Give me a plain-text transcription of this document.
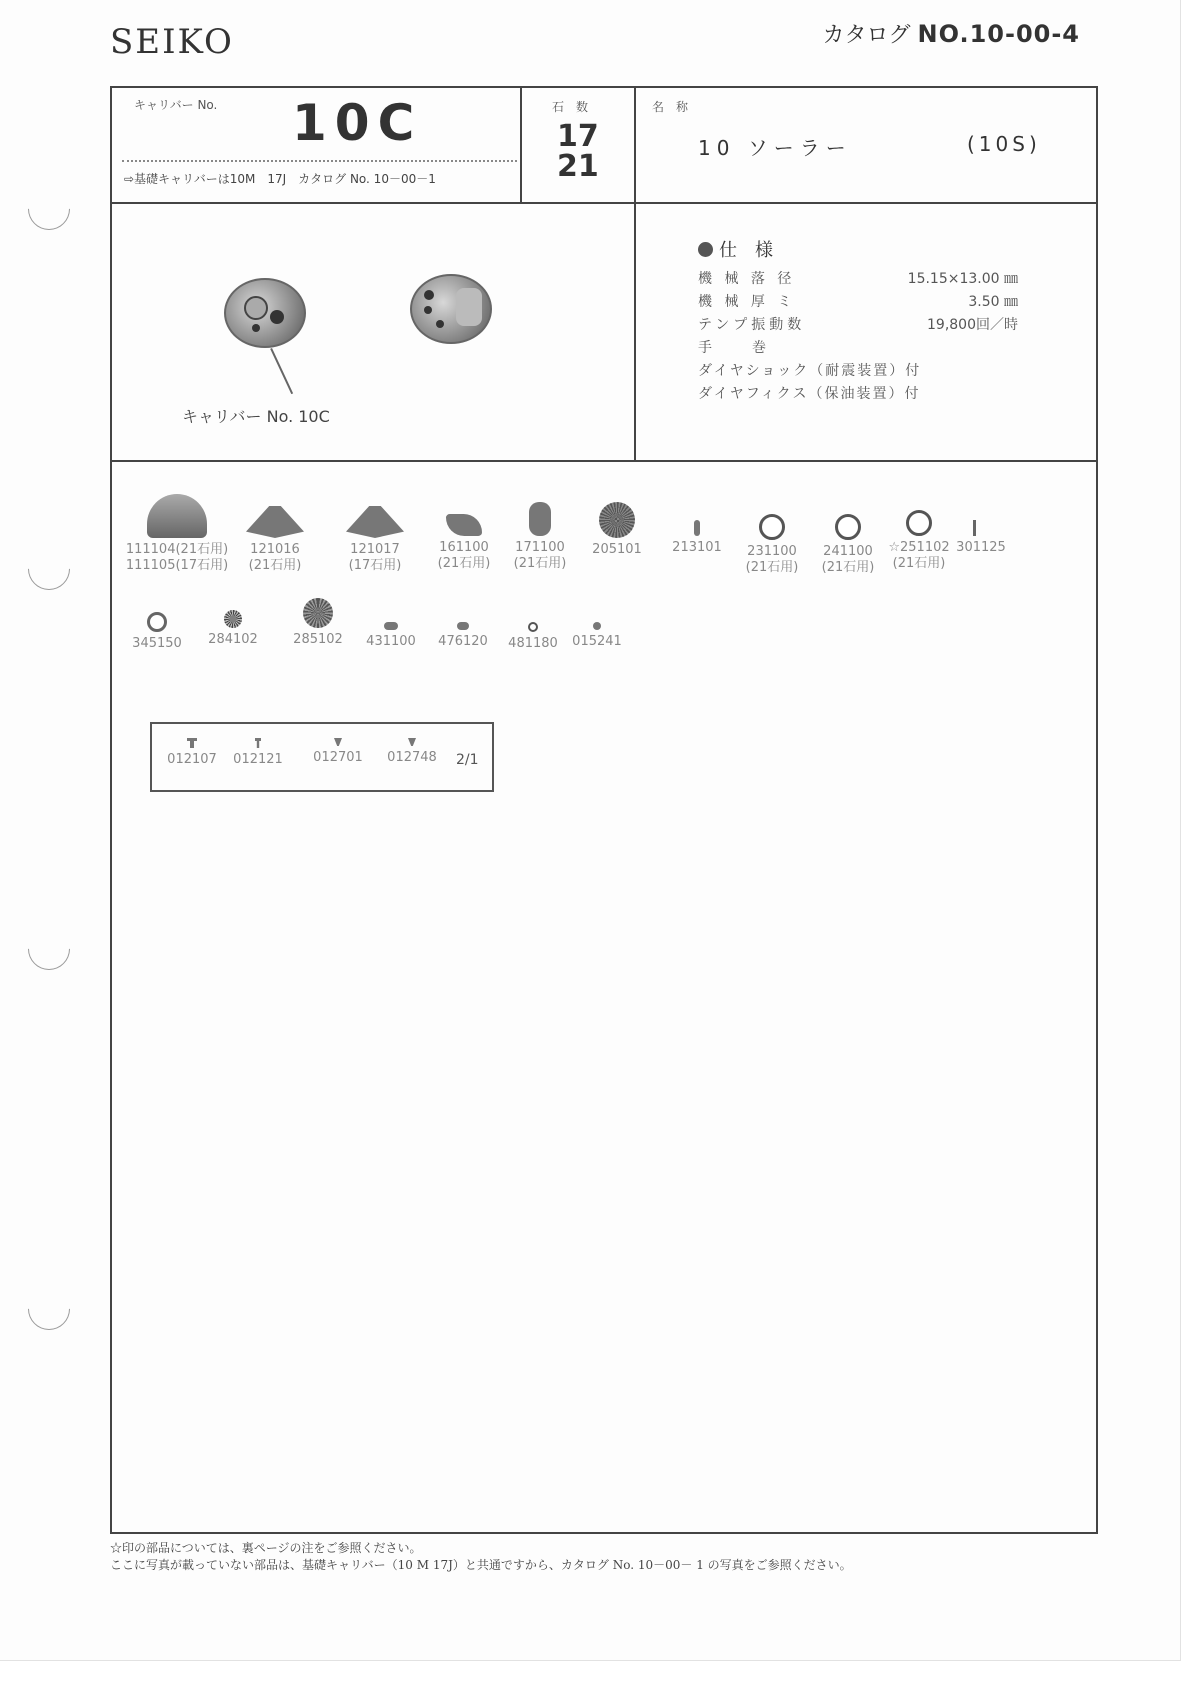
SEIKO	カタログ NO.10-00-4
キャリバー No. 10C
⇨基礎キャリバーは10M　17J　カタログ No. 10－00－1
石　数
17
21
名　称
10 ソーラー	(10S)
キャリバー No. 10C
仕　様
機 械 落 径	15.15×13.00 ㎜
機 械 厚 ミ	3.50 ㎜
テンプ振動数	19,800回／時
手　　巻
ダイヤショック（耐震装置）付
ダイヤフィクス（保油装置）付
111104(21石用)
111105(17石用)
121016
(21石用)
121017
(17石用)
161100
(21石用)
171100
(21石用)
205101	213101	231100
(21石用)
241100
(21石用)
☆251102
(21石用)
301125
345150	284102	285102	431100	476120	481180	015241
012107	012121	012701	012748	2/1
☆印の部品については、裏ページの注をご参照ください。
ここに写真が載っていない部品は、基礎キャリバー（10 M 17J）と共通ですから、カタログ No. 10－00－ 1 の写真をご参照ください。
